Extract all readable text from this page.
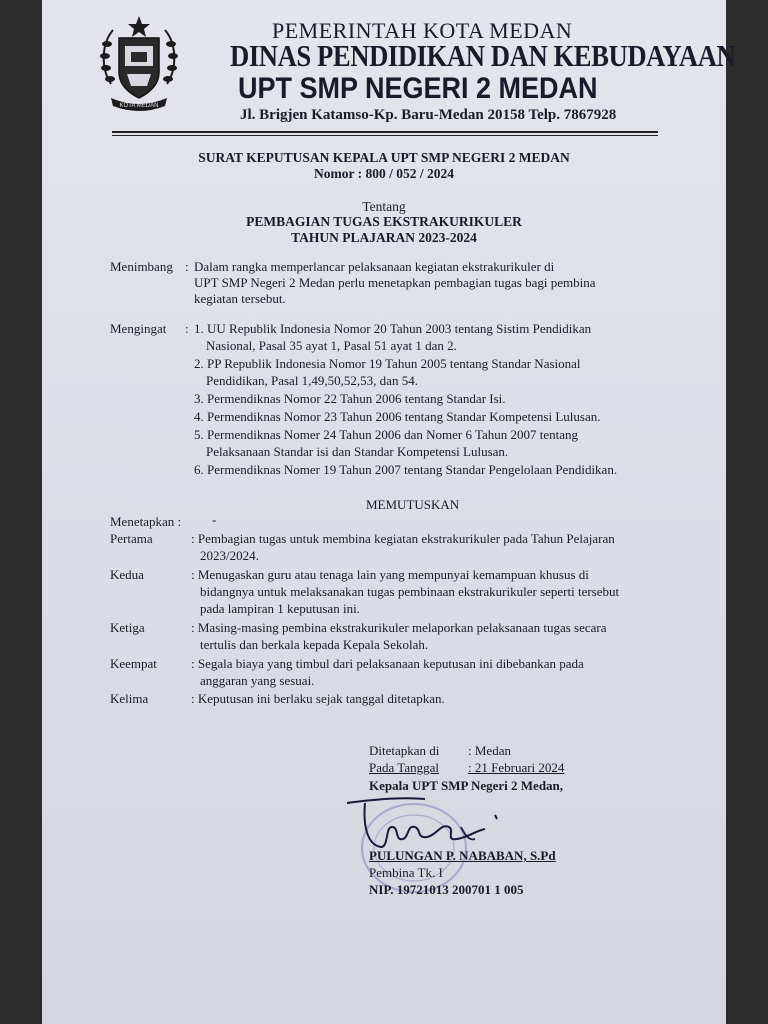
KOTA MEDAN
PEMERINTAH KOTA MEDAN
DINAS PENDIDIKAN DAN KEBUDAYAAN
UPT SMP NEGERI 2 MEDAN
Jl. Brigjen Katamso-Kp. Baru-Medan 20158 Telp. 7867928
SURAT KEPUTUSAN KEPALA UPT SMP NEGERI 2 MEDAN
Nomor : 800 / 052 / 2024
Tentang
PEMBAGIAN TUGAS EKSTRAKURIKULER
TAHUN PLAJARAN 2023-2024
Menimbang : Dalam rangka memperlancar pelaksanaan kegiatan ekstrakurikuler di
UPT SMP Negeri 2 Medan perlu menetapkan pembagian tugas bagi pembina
kegiatan tersebut.
Mengingat : 1. UU Republik Indonesia Nomor 20 Tahun 2003 tentang Sistim Pendidikan
Nasional, Pasal 35 ayat 1, Pasal 51 ayat 1 dan 2.
2. PP Republik Indonesia Nomor 19 Tahun 2005 tentang Standar Nasional
Pendidikan, Pasal 1,49,50,52,53, dan 54.
3. Permendiknas Nomor 22 Tahun 2006 tentang Standar Isi.
4. Permendiknas Nomor 23 Tahun 2006 tentang Standar Kompetensi Lulusan.
5. Permendiknas Nomer 24 Tahun 2006 dan Nomer 6 Tahun 2007 tentang
Pelaksanaan Standar isi dan Standar Kompetensi Lulusan.
6. Permendiknas Nomer 19 Tahun 2007 tentang Standar Pengelolaan Pendidikan.
MEMUTUSKAN
Menetapkan : -
Pertama	: Pembagian tugas untuk membina kegiatan ekstrakurikuler pada Tahun Pelajaran
2023/2024.
Kedua	: Menugaskan guru atau tenaga lain yang mempunyai kemampuan khusus di
bidangnya untuk melaksanakan tugas pembinaan ekstrakurikuler seperti tersebut
pada lampiran 1 keputusan ini.
Ketiga	: Masing-masing pembina ekstrakurikuler melaporkan pelaksanaan tugas secara
tertulis dan berkala kepada Kepala Sekolah.
Keempat	: Segala biaya yang timbul dari pelaksanaan keputusan ini dibebankan pada
anggaran yang sesuai.
Kelima	: Keputusan ini berlaku sejak tanggal ditetapkan.
Ditetapkan di : Medan
Pada Tanggal : 21 Februari 2024
Kepala UPT SMP Negeri 2 Medan,
PULUNGAN P. NABABAN, S.Pd
Pembina Tk. I
NIP. 19721013 200701 1 005
